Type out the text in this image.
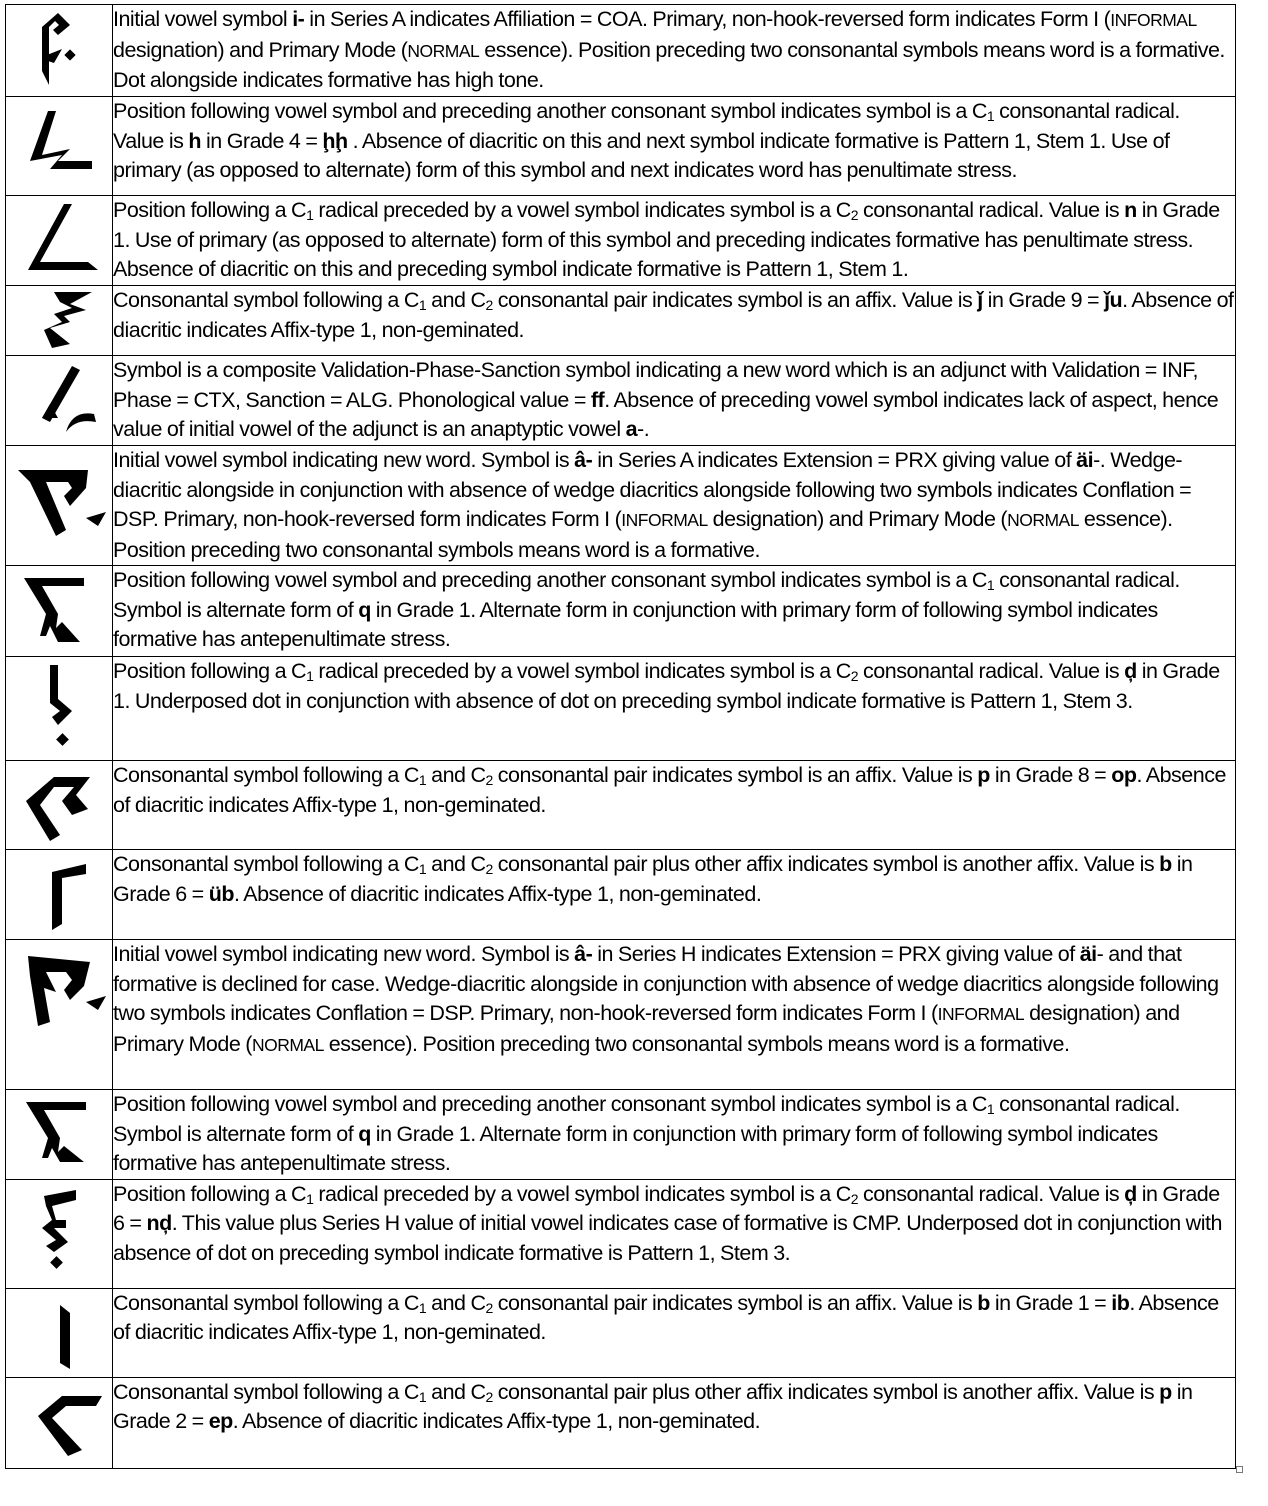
	Initial vowel symbol i- in Series A indicates Affiliation = COA. Primary, non-hook-reversed form indicates Form I (INFORMAL designation) and Primary Mode (NORMAL essence). Position preceding two consonantal symbols means word is a formative. Dot alongside indicates formative has high tone.

	Position following vowel symbol and preceding another consonant symbol indicates symbol is a $C_1$ consonantal radical. Value is h in Grade 4 = ḩḩ . Absence of diacritic on this and next symbol indicate formative is Pattern 1, Stem 1. Use of primary (as opposed to alternate) form of this symbol and next indicates word has penultimate stress.

	Position following a $C_1$ radical preceded by a vowel symbol indicates symbol is a $C_2$ consonantal radical. Value is n in Grade 1. Use of primary (as opposed to alternate) form of this symbol and preceding indicates formative has penultimate stress. Absence of diacritic on this and preceding symbol indicate formative is Pattern 1, Stem 1.

	Consonantal symbol following a $C_1$ and $C_2$ consonantal pair indicates symbol is an affix. Value is ǰ in Grade 9 = ǰu. Absence of diacritic indicates Affix-type 1, non-geminated.

	Symbol is a composite Validation-Phase-Sanction symbol indicating a new word which is an adjunct with Validation = INF, Phase = CTX, Sanction = ALG. Phonological value = ff. Absence of preceding vowel symbol indicates lack of aspect, hence value of initial vowel of the adjunct is an anaptyptic vowel a-.

	Initial vowel symbol indicating new word. Symbol is â- in Series A indicates Extension = PRX giving value of äi-. Wedge-diacritic alongside in conjunction with absence of wedge diacritics alongside following two symbols indicates Conflation = DSP. Primary, non-hook-reversed form indicates Form I (INFORMAL designation) and Primary Mode (NORMAL essence). Position preceding two consonantal symbols means word is a formative.

	Position following vowel symbol and preceding another consonant symbol indicates symbol is a $C_1$ consonantal radical. Symbol is alternate form of q in Grade 1. Alternate form in conjunction with primary form of following symbol indicates formative has antepenultimate stress.

	Position following a $C_1$ radical preceded by a vowel symbol indicates symbol is a $C_2$ consonantal radical. Value is ḑ in Grade 1. Underposed dot in conjunction with absence of dot on preceding symbol indicate formative is Pattern 1, Stem 3.

	Consonantal symbol following a $C_1$ and $C_2$ consonantal pair indicates symbol is an affix. Value is p in Grade 8 = op. Absence of diacritic indicates Affix-type 1, non-geminated.

	Consonantal symbol following a $C_1$ and $C_2$ consonantal pair plus other affix indicates symbol is another affix. Value is b in Grade 6 = üb. Absence of diacritic indicates Affix-type 1, non-geminated.

	Initial vowel symbol indicating new word. Symbol is â- in Series H indicates Extension = PRX giving value of äi- and that formative is declined for case. Wedge-diacritic alongside in conjunction with absence of wedge diacritics alongside following two symbols indicates Conflation = DSP. Primary, non-hook-reversed form indicates Form I (INFORMAL designation) and Primary Mode (NORMAL essence). Position preceding two consonantal symbols means word is a formative.

	Position following vowel symbol and preceding another consonant symbol indicates symbol is a $C_1$ consonantal radical. Symbol is alternate form of q in Grade 1. Alternate form in conjunction with primary form of following symbol indicates formative has antepenultimate stress.

	Position following a $C_1$ radical preceded by a vowel symbol indicates symbol is a $C_2$ consonantal radical. Value is ḑ in Grade 6 = nḑ. This value plus Series H value of initial vowel indicates case of formative is CMP. Underposed dot in conjunction with absence of dot on preceding symbol indicate formative is Pattern 1, Stem 3.

	Consonantal symbol following a $C_1$ and $C_2$ consonantal pair indicates symbol is an affix. Value is b in Grade 1 = ib. Absence of diacritic indicates Affix-type 1, non-geminated.

	Consonantal symbol following a $C_1$ and $C_2$ consonantal pair plus other affix indicates symbol is another affix. Value is p in Grade 2 = ep. Absence of diacritic indicates Affix-type 1, non-geminated.
